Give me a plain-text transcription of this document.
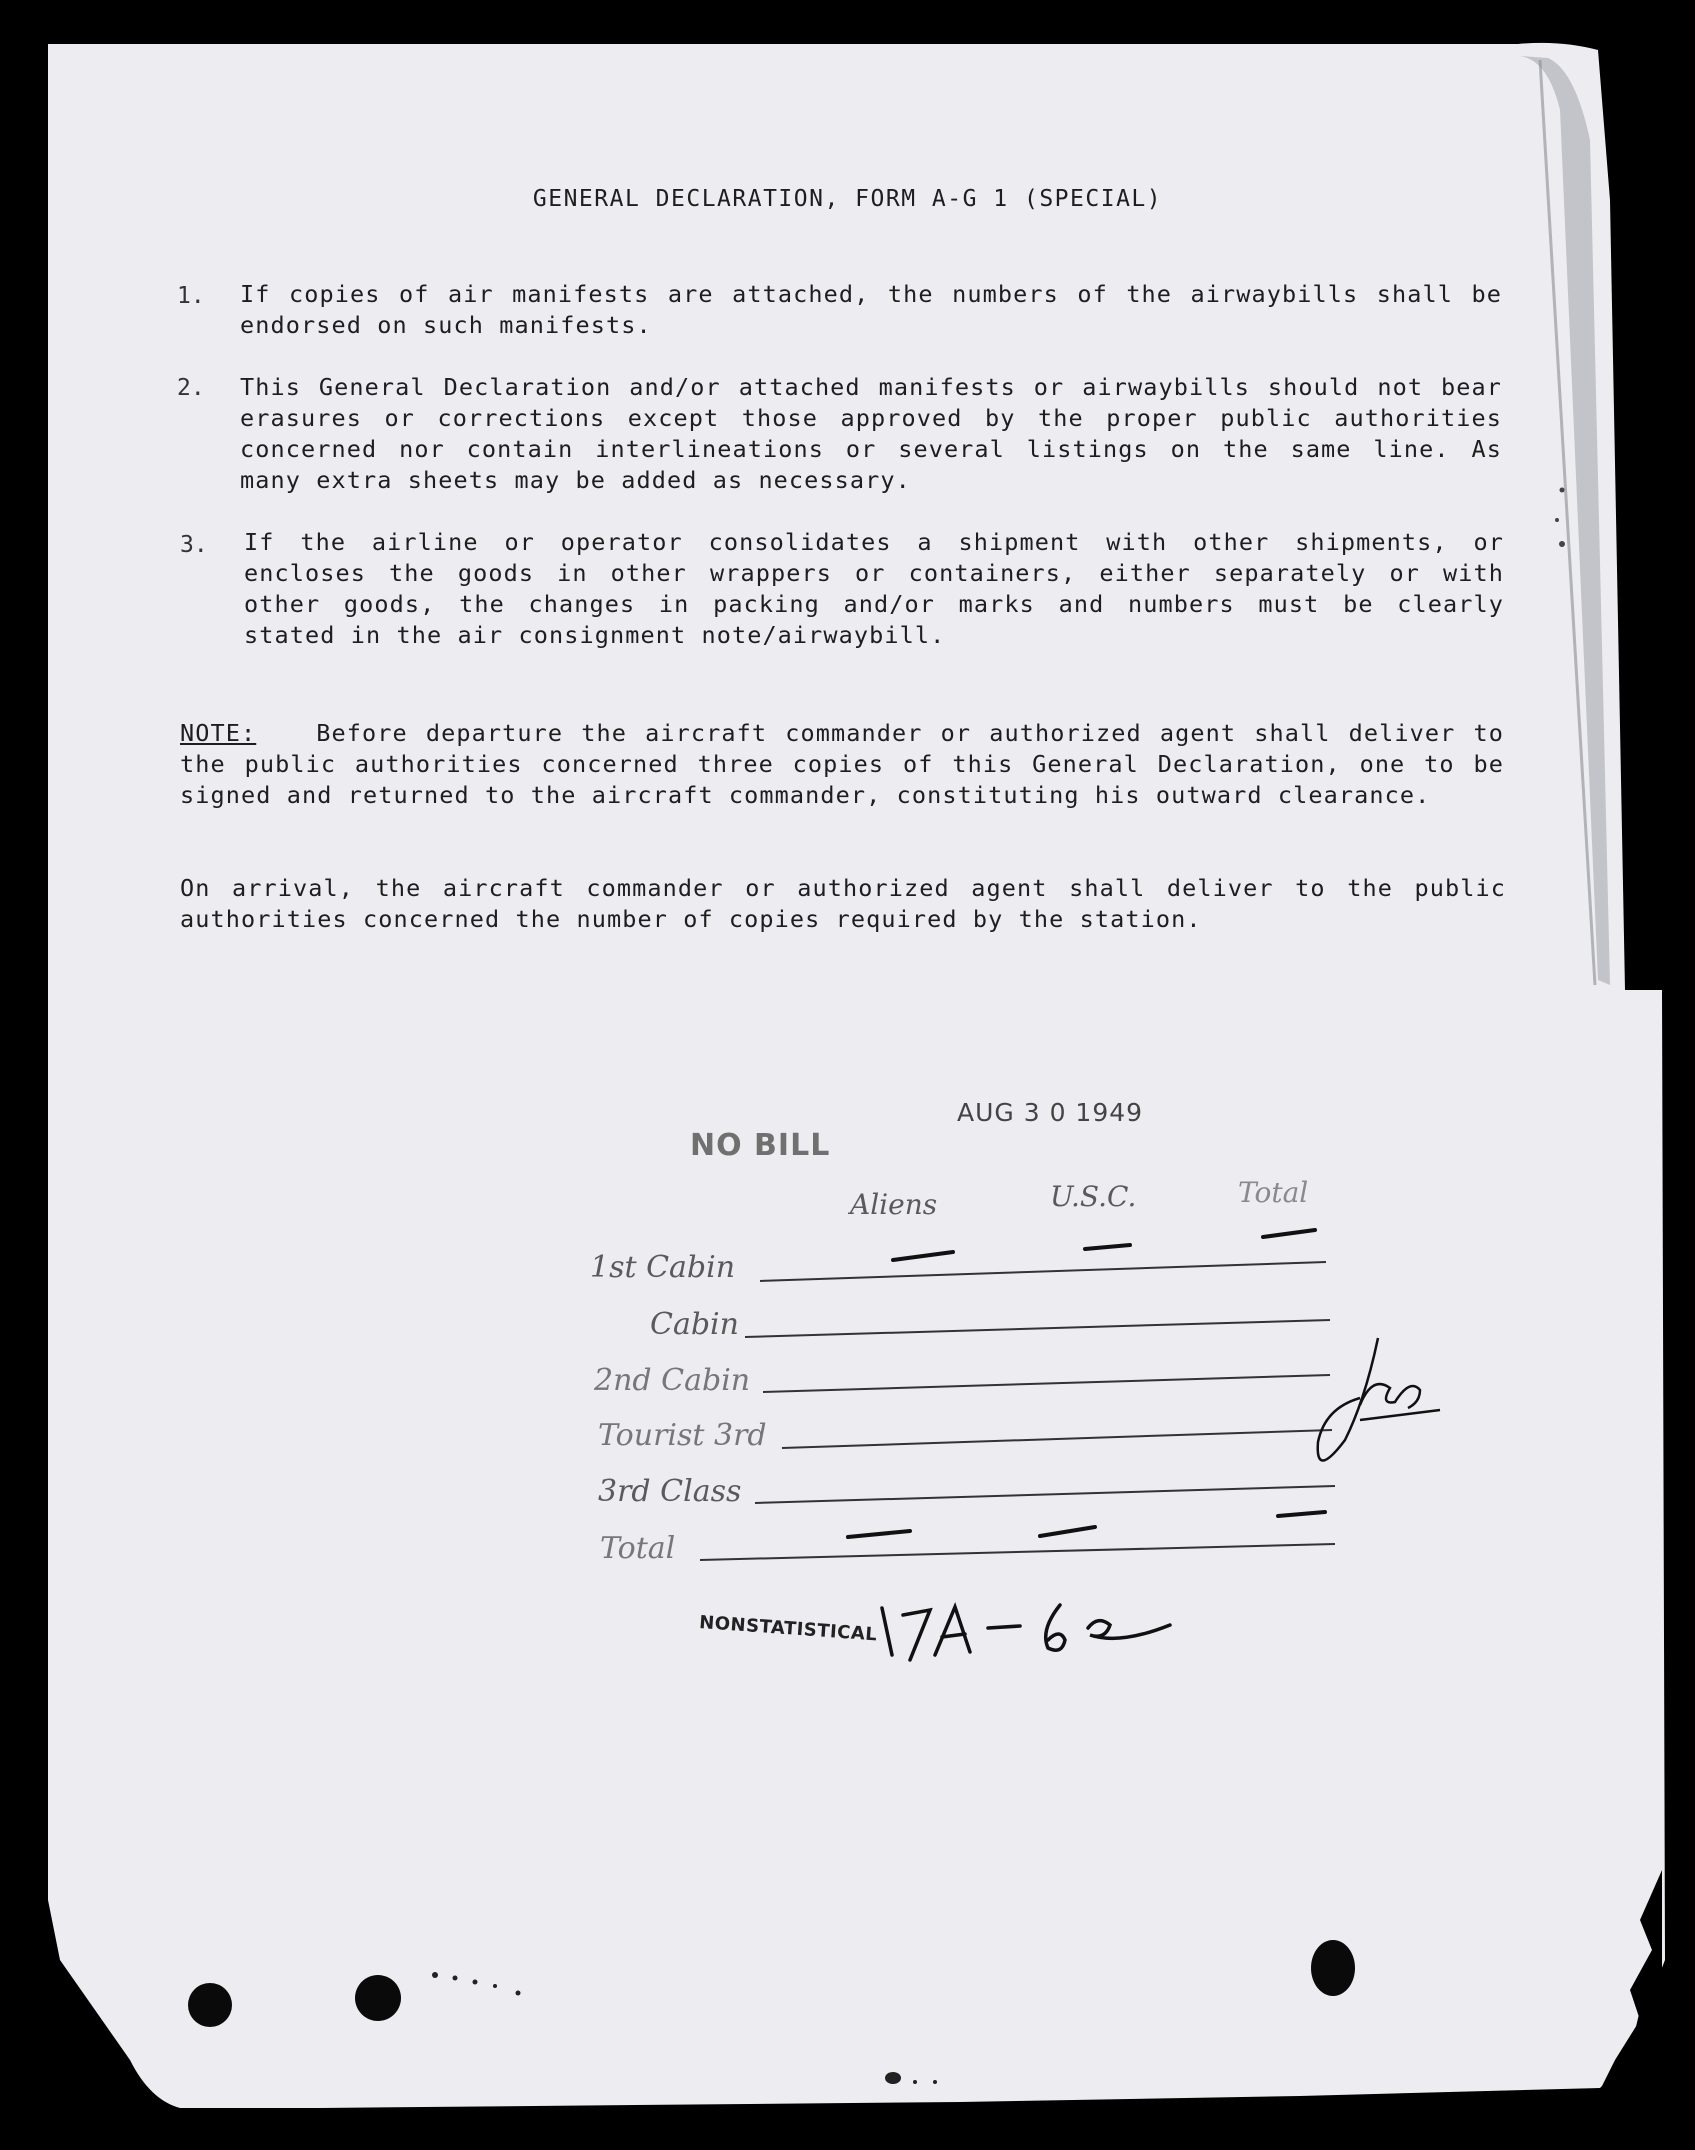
GENERAL DECLARATION, FORM A-G 1 (SPECIAL)
1. If copies of air manifests are attached, the numbers of the airwaybills shall be endorsed on such manifests.
2. This General Declaration and/or attached manifests or airwaybills should not bear erasures or corrections except those approved by the proper public authorities concerned nor contain interlineations or several listings on the same line. As many extra sheets may be added as necessary.
3. If the airline or operator consolidates a shipment with other shipments, or encloses the goods in other wrappers or containers, either separately or with other goods, the changes in packing and/or marks and numbers must be clearly stated in the air consignment note/airwaybill.
NOTE:	Before departure the aircraft commander or authorized agent shall deliver to the public authorities concerned three copies of this General Declaration, one to be signed and returned to the aircraft commander, constituting his outward clearance.
On arrival, the aircraft commander or authorized agent shall deliver to the public authorities concerned the number of copies required by the station.
NO BILL
AUG 3 0 1949
Aliens	U.S.C.	Total
1st Cabin
Cabin
2nd Cabin
Tourist 3rd
3rd Class
Total
NONSTATISTICAL
